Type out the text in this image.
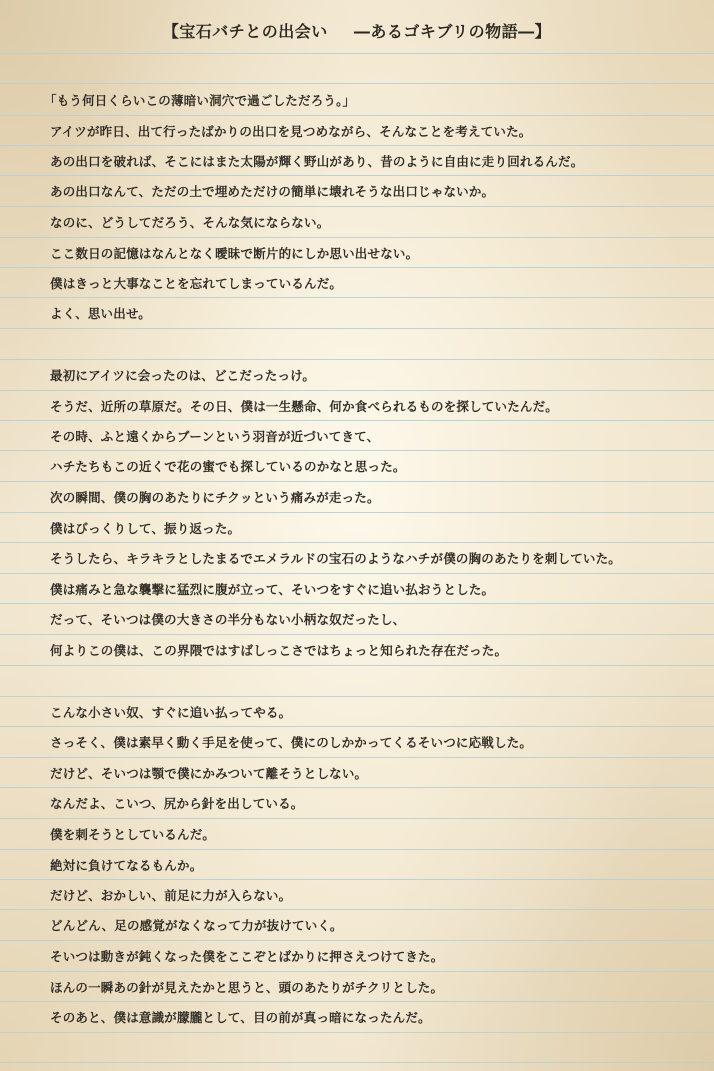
【宝石バチとの出会い ―あるゴキブリの物語―】
「もう何日くらいこの薄暗い洞穴で過ごしただろう。」
アイツが昨日、出て行ったばかりの出口を見つめながら、そんなことを考えていた。
あの出口を破れば、そこにはまた太陽が輝く野山があり、昔のように自由に走り回れるんだ。
あの出口なんて、ただの土で埋めただけの簡単に壊れそうな出口じゃないか。
なのに、どうしてだろう、そんな気にならない。
ここ数日の記憶はなんとなく曖昧で断片的にしか思い出せない。
僕はきっと大事なことを忘れてしまっているんだ。
よく、思い出せ。
最初にアイツに会ったのは、どこだったっけ。
そうだ、近所の草原だ。その日、僕は一生懸命、何か食べられるものを探していたんだ。
その時、ふと遠くからブーンという羽音が近づいてきて、
ハチたちもこの近くで花の蜜でも探しているのかなと思った。
次の瞬間、僕の胸のあたりにチクッという痛みが走った。
僕はびっくりして、振り返った。
そうしたら、キラキラとしたまるでエメラルドの宝石のようなハチが僕の胸のあたりを刺していた。
僕は痛みと急な襲撃に猛烈に腹が立って、そいつをすぐに追い払おうとした。
だって、そいつは僕の大きさの半分もない小柄な奴だったし、
何よりこの僕は、この界隈ではすばしっこさではちょっと知られた存在だった。
こんな小さい奴、すぐに追い払ってやる。
さっそく、僕は素早く動く手足を使って、僕にのしかかってくるそいつに応戦した。
だけど、そいつは顎で僕にかみついて離そうとしない。
なんだよ、こいつ、尻から針を出している。
僕を刺そうとしているんだ。
絶対に負けてなるもんか。
だけど、おかしい、前足に力が入らない。
どんどん、足の感覚がなくなって力が抜けていく。
そいつは動きが鈍くなった僕をここぞとばかりに押さえつけてきた。
ほんの一瞬あの針が見えたかと思うと、頭のあたりがチクリとした。
そのあと、僕は意識が朦朧として、目の前が真っ暗になったんだ。
